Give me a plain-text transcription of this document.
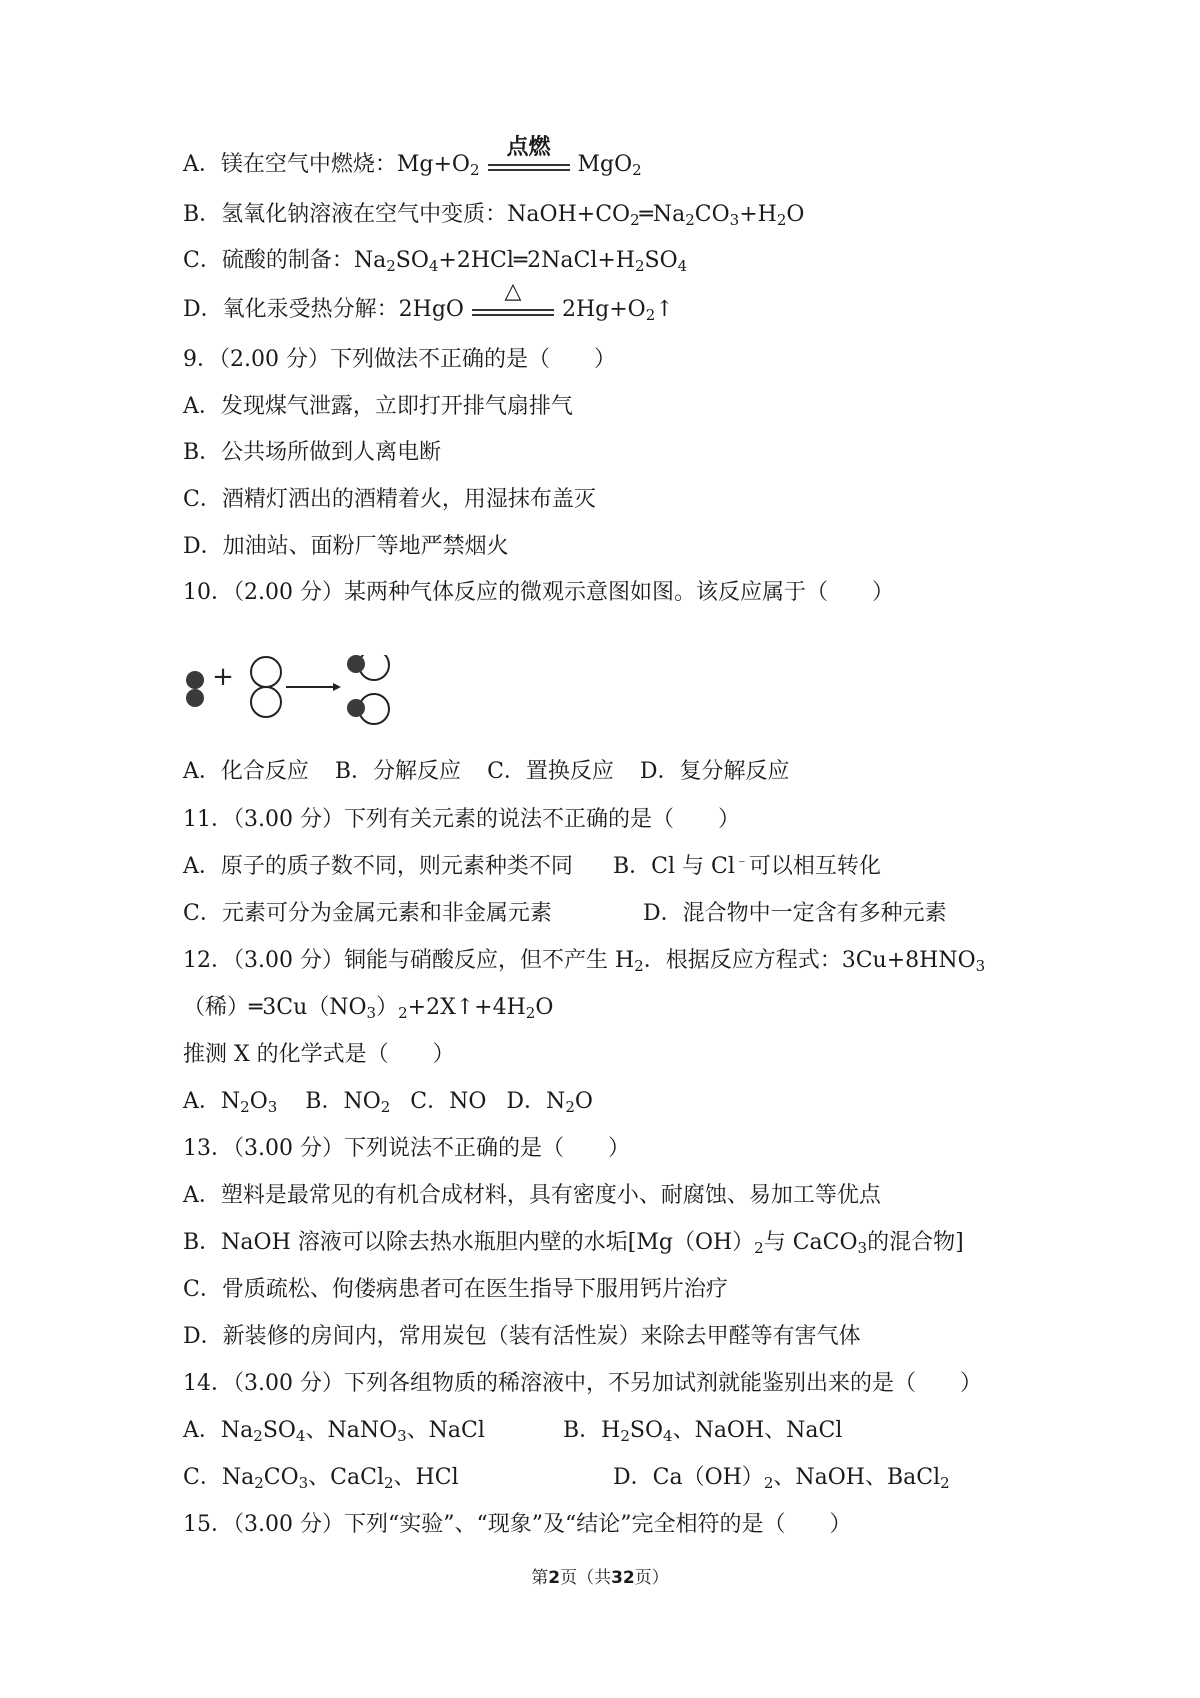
A．镁在空气中燃烧：$Mg+O_2$
点燃
MgO$_2$
B．氢氧化钠溶液在空气中变质：$NaOH+CO_2═Na_2CO_3+H_2O$
C．硫酸的制备：$Na_2SO_4+2HCl═2NaCl+H_2SO_4$
D．氧化汞受热分解：2HgO
△
$2Hg+O_2↑$
9．（2.00 分）下列做法不正确的是（　　）
A．发现煤气泄露，立即打开排气扇排气
B．公共场所做到人离电断
C．酒精灯洒出的酒精着火，用湿抹布盖灭
D．加油站、面粉厂等地严禁烟火
10．（2.00 分）某两种气体反应的微观示意图如图。该反应属于（　　）
+
A．化合反应 B．分解反应 C．置换反应 D．复分解反应
11．（3.00 分）下列有关元素的说法不正确的是（　　）
A．原子的质子数不同，则元素种类不同 B．Cl 与 Cl﹣可以相互转化
C．元素可分为金属元素和非金属元素	D．混合物中一定含有多种元素
12．（3.00 分）铜能与硝酸反应，但不产生 $H_2$．根据反应方程式：$3Cu+8HNO_3$
（稀）$═3Cu(NO_3)_2+2X↑+4H_2O$
推测 X 的化学式是（　　）
A．$N_2O_3$ B．$NO_2$ C．NO D．$N_2O$
13．（3.00 分）下列说法不正确的是（　　）
A．塑料是最常见的有机合成材料，具有密度小、耐腐蚀、易加工等优点
B．NaOH 溶液可以除去热水瓶胆内壁的水垢[$Mg(OH)_2$与 CaCO$_3$的混合物]
C．骨质疏松、佝偻病患者可在医生指导下服用钙片治疗
D．新装修的房间内，常用炭包（装有活性炭）来除去甲醛等有害气体
14．（3.00 分）下列各组物质的稀溶液中，不另加试剂就能鉴别出来的是（　　）
A．$Na_2SO_4$、NaNO$_3$、NaCl	B．$H_2SO_4$、NaOH、NaCl
C．$Na_2CO_3$、CaCl$_2$、HCl	D．$Ca(OH)_2$、NaOH、BaCl$_2$
15．（3.00 分）下列“实验”、“现象”及“结论”完全相符的是（　　）
第2页（共32页）
